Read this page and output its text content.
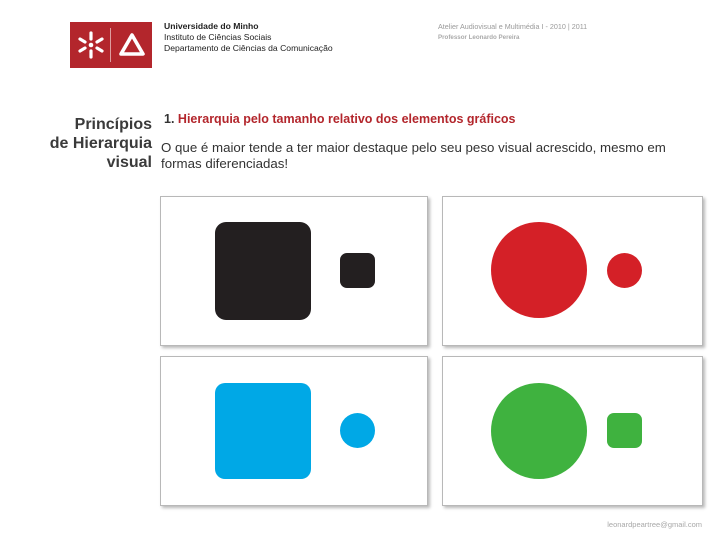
Universidade do Minho
Instituto de Ciências Sociais
Departamento de Ciências da Comunicação
Atelier Audiovisual e Multimédia I - 2010 | 2011
Professor Leonardo Pereira
Princípios
de Hierarquia
visual
1. Hierarquia pelo tamanho relativo dos elementos gráficos
O que é maior tende a ter maior destaque pelo seu peso visual acrescido, mesmo em formas diferenciadas!
leonardpeartree@gmail.com
